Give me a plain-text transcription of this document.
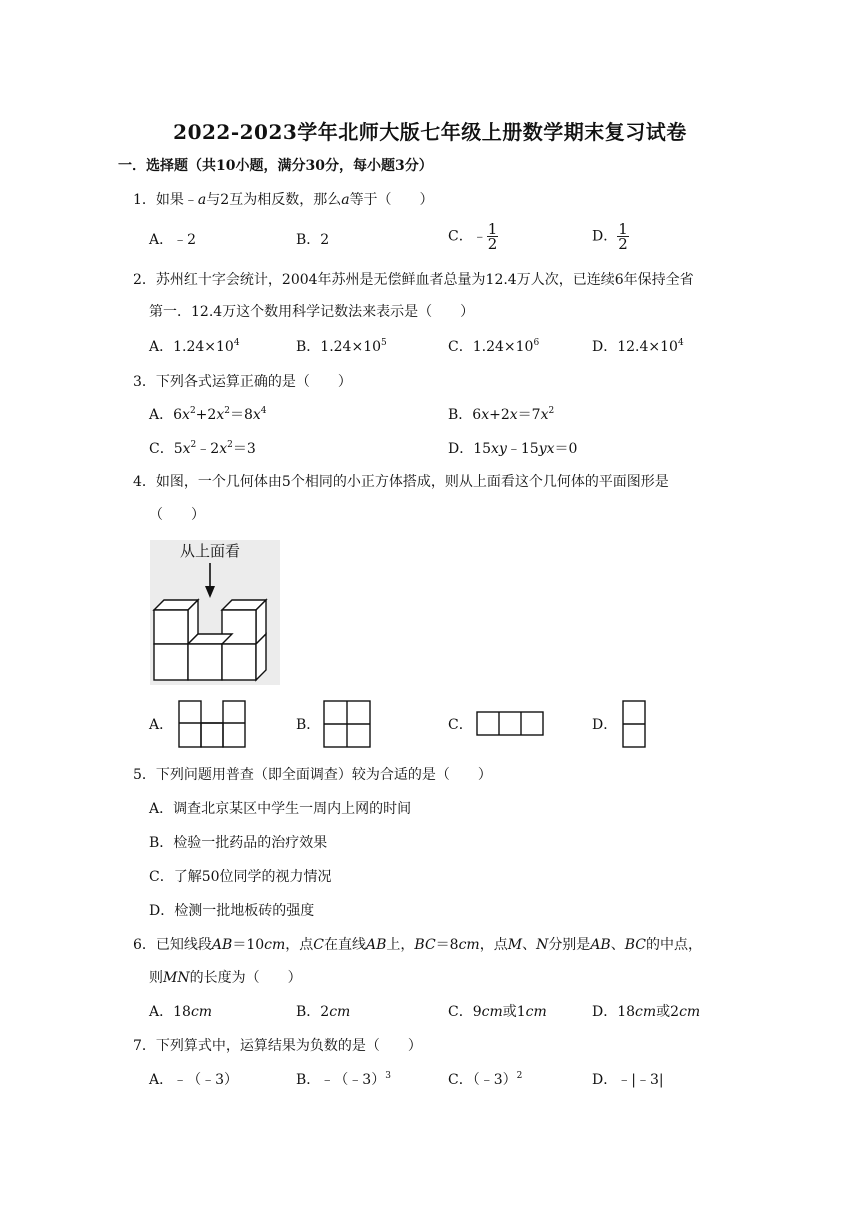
2022-2023学年北师大版七年级上册数学期末复习试卷
一．选择题（共10小题，满分30分，每小题3分）
1．如果﹣a与2互为相反数，那么a等于（　　）
A．﹣2	B．2	C．﹣ $\frac{1}{2}$	D． $\frac{1}{2}$
2．苏州红十字会统计，2004年苏州是无偿鲜血者总量为12.4万人次，已连续6年保持全省
第一．12.4万这个数用科学记数法来表示是（　　）
A．$1.24\times 10^4$	B．$1.24\times 10^5$	C．$1.24\times 10^6$	D．$12.4\times 10^4$
3．下列各式运算正确的是（　　）
A．$6x^2+2x^2=8x^4$	B．$6x+2x=7x^2$
C．$5x^2﹣2x^2=3$	D．15xy﹣15yx＝0
4．如图，一个几何体由5个相同的小正方体搭成，则从上面看这个几何体的平面图形是
（　　）
从上面看
A．	B．	C．	D．
5．下列问题用普查（即全面调查）较为合适的是（　　）
A．调查北京某区中学生一周内上网的时间
B．检验一批药品的治疗效果
C．了解50位同学的视力情况
D．检测一批地板砖的强度
6．已知线段AB＝10cm，点C在直线AB上，BC＝8cm，点M、N分别是AB、BC的中点，
则MN的长度为（　　）
A．18cm	B．2cm	C．9cm或1cm	D．18cm或2cm
7．下列算式中，运算结果为负数的是（　　）
A．﹣（﹣3）	B．﹣（﹣3）$^3$	C．（﹣3）$^2$	D．﹣|﹣3|
